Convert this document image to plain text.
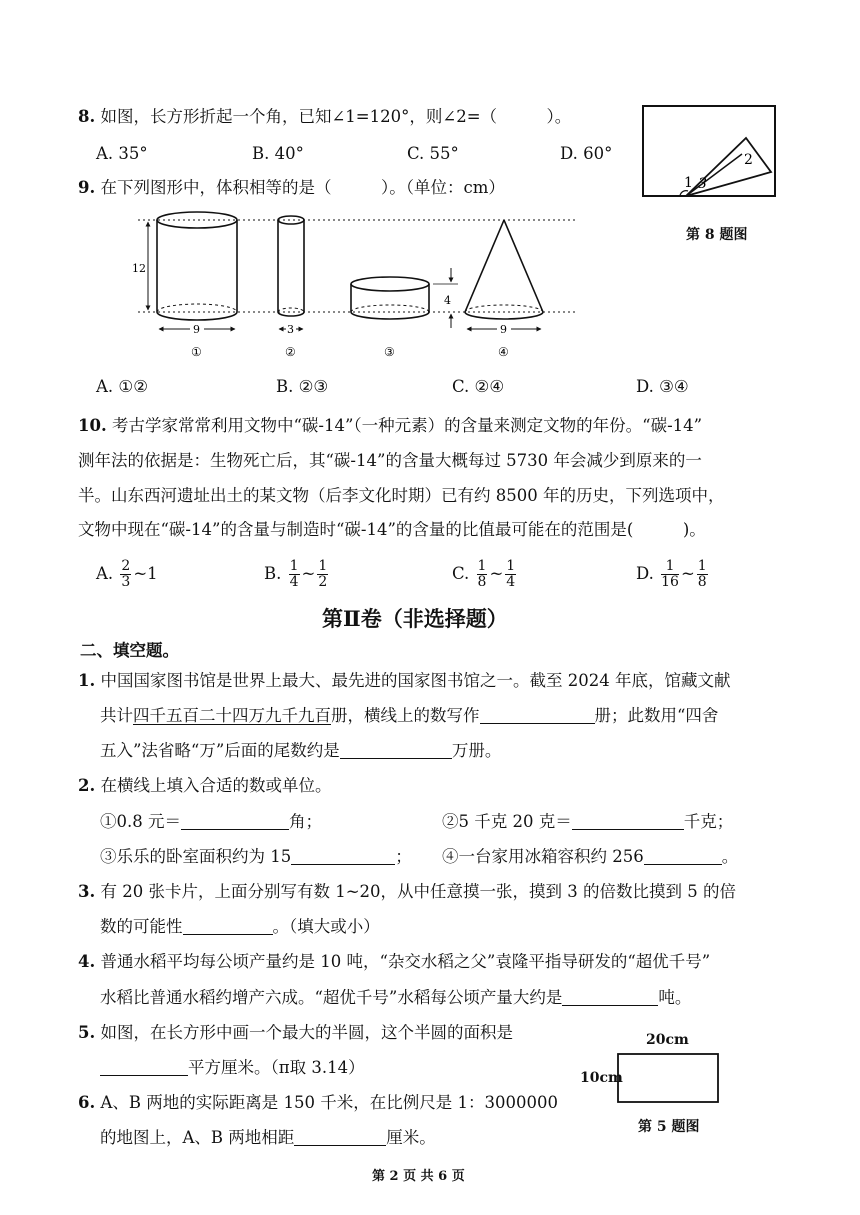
8. 如图，长方形折起一个角，已知∠1=120°，则∠2=（　　　）。
A. 35°	B. 40°	C. 55°	D. 60°
1 3
2
第 8 题图
9. 在下列图形中，体积相等的是（　　　）。（单位：cm）
12
9
①
3
②
4
③
9
④
A. ①②	B. ②③	C. ②④	D. ③④
10. 考古学家常常利用文物中“碳-14”（一种元素）的含量来测定文物的年份。“碳-14”
测年法的依据是：生物死亡后，其“碳-14”的含量大概每过 5730 年会减少到原来的一
半。山东西河遗址出土的某文物（后李文化时期）已有约 8500 年的历史，下列选项中，
文物中现在“碳-14”的含量与制造时“碳-14”的含量的比值最可能在的范围是(　　　)。
A. $\frac{2}{3}$ ~1	B. $\frac{1}{4}$ ~ $\frac{1}{2}$	C. $\frac{1}{8}$ ~ $\frac{1}{4}$	D. $\frac{1}{16}$ ~ $\frac{1}{8}$
第Ⅱ卷（非选择题）
二、填空题。
1. 中国国家图书馆是世界上最大、最先进的国家图书馆之一。截至 2024 年底，馆藏文献
共计四千五百二十四万九千九百册，横线上的数写作	册；此数用“四舍
五入”法省略“万”后面的尾数约是	万册。
2. 在横线上填入合适的数或单位。
①0.8 元＝	角；	②5 千克 20 克＝	千克；
③乐乐的卧室面积约为 15	； ④一台家用冰箱容积约 256	。
3. 有 20 张卡片，上面分别写有数 1~20，从中任意摸一张，摸到 3 的倍数比摸到 5 的倍
数的可能性	。（填大或小）
4. 普通水稻平均每公顷产量约是 10 吨，“杂交水稻之父”袁隆平指导研发的“超优千号”
水稻比普通水稻约增产六成。“超优千号”水稻每公顷产量大约是	吨。
5. 如图，在长方形中画一个最大的半圆，这个半圆的面积是
平方厘米。（π取 3.14）
20cm
10cm
第 5 题图
6. A、B 两地的实际距离是 150 千米，在比例尺是 1：3000000
的地图上，A、B 两地相距	厘米。
第 2 页 共 6 页
